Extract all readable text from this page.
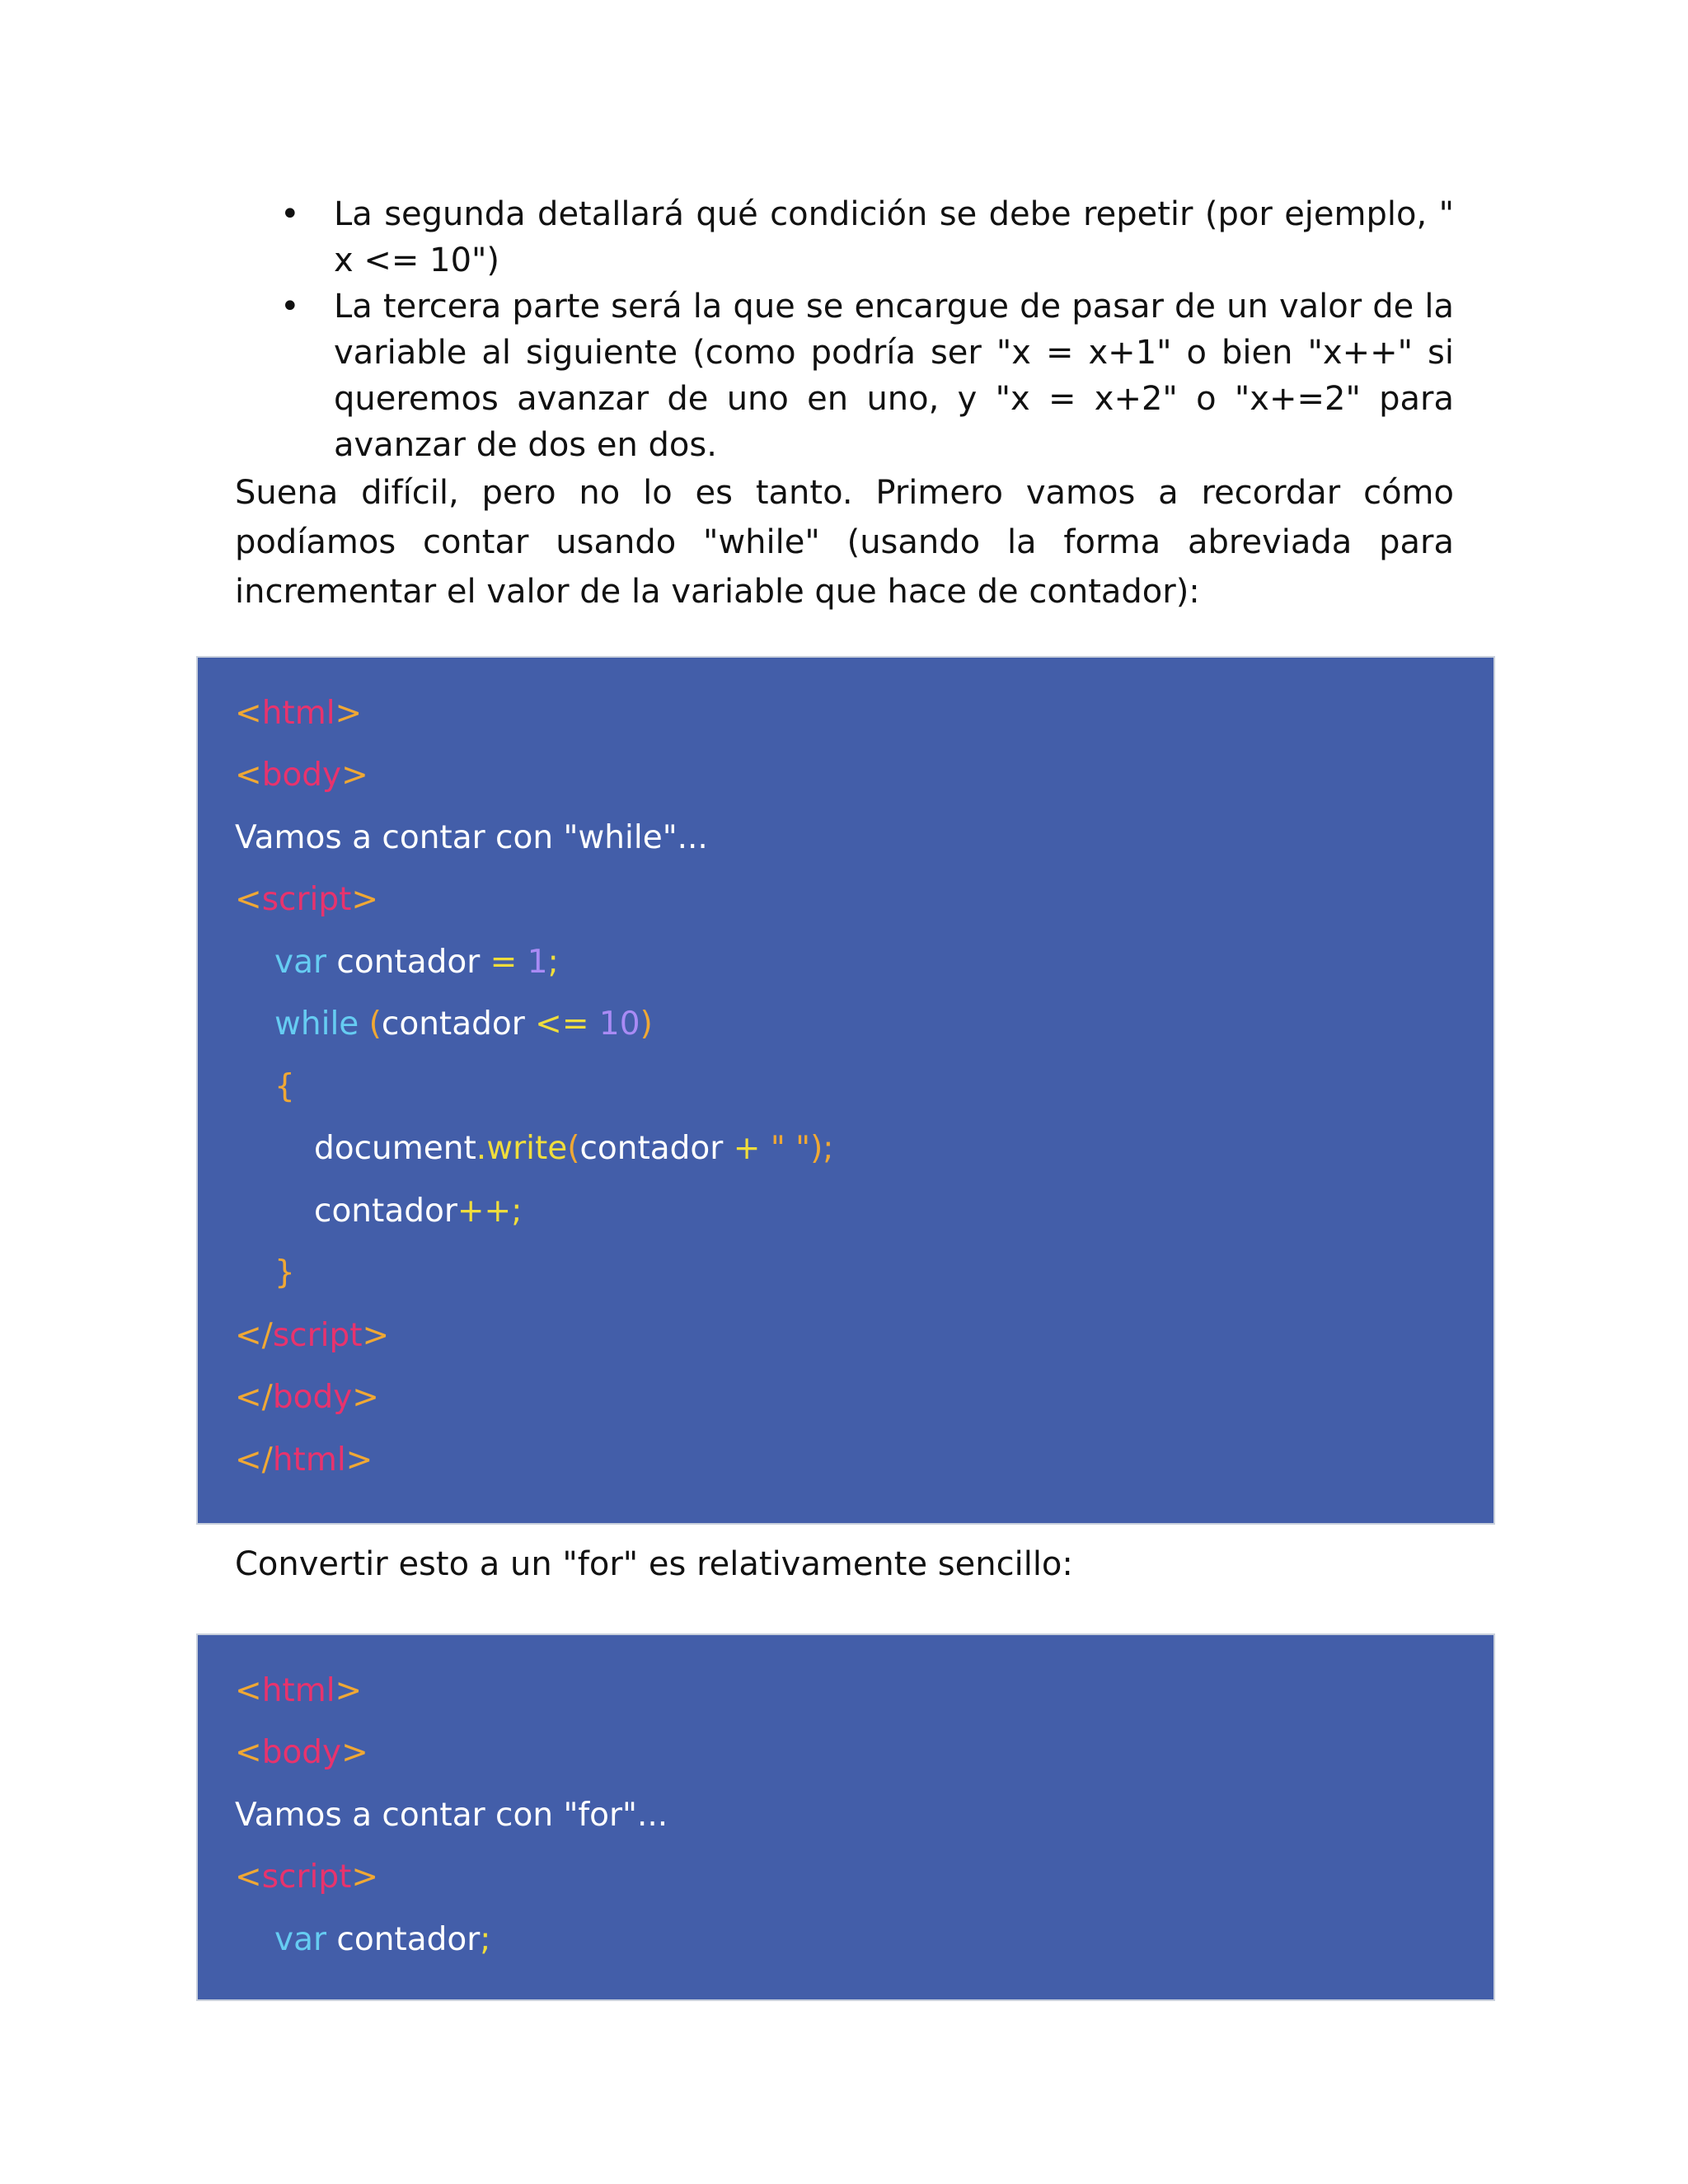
• La segunda detallará qué condición se debe repetir (por ejemplo, " x <= 10")
• La tercera parte será la que se encargue de pasar de un valor de la variable al siguiente (como podría ser "x = x+1" o bien "x++" si queremos avanzar de uno en uno, y "x = x+2" o "x+=2" para avanzar de dos en dos.
Suena difícil, pero no lo es tanto. Primero vamos a recordar cómo podíamos contar usando "while" (usando la forma abreviada para incrementar el valor de la variable que hace de contador):
<html>
<body>
Vamos a contar con "while"...
<script>
var contador = 1;
while (contador <= 10)
{
document.write(contador + " ");
contador++;
}
</script>
</body>
</html>
Convertir esto a un "for" es relativamente sencillo:
<html>
<body>
Vamos a contar con "for"...
<script>
var contador;
